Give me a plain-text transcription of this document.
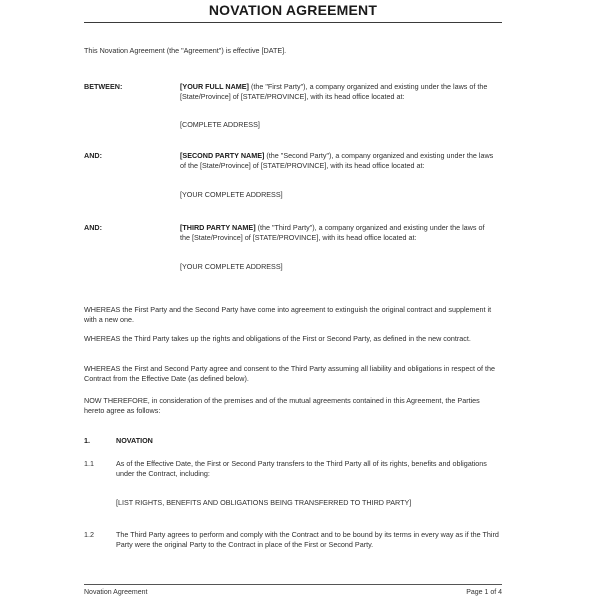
NOVATION AGREEMENT
This Novation Agreement (the "Agreement") is effective [DATE].
BETWEEN:	[YOUR FULL NAME] (the "First Party"), a company organized and existing under the laws of the [State/Province] of [STATE/PROVINCE], with its head office located at:
[COMPLETE ADDRESS]
AND:	[SECOND PARTY NAME] (the "Second Party"), a company organized and existing under the laws of the [State/Province] of [STATE/PROVINCE], with its head office located at:
[YOUR COMPLETE ADDRESS]
AND:	[THIRD PARTY NAME] (the "Third Party"), a company organized and existing under the laws of the [State/Province] of [STATE/PROVINCE], with its head office located at:
[YOUR COMPLETE ADDRESS]
WHEREAS the First Party and the Second Party have come into agreement to extinguish the original contract and supplement it with a new one.
WHEREAS the Third Party takes up the rights and obligations of the First or Second Party, as defined in the new contract.
WHEREAS the First and Second Party agree and consent to the Third Party assuming all liability and obligations in respect of the Contract from the Effective Date (as defined below).
NOW THEREFORE, in consideration of the premises and of the mutual agreements contained in this Agreement, the Parties hereto agree as follows:
1.	NOVATION
1.1	As of the Effective Date, the First or Second Party transfers to the Third Party all of its rights, benefits and obligations under the Contract, including:
[LIST RIGHTS, BENEFITS AND OBLIGATIONS BEING TRANSFERRED TO THIRD PARTY]
1.2	The Third Party agrees to perform and comply with the Contract and to be bound by its terms in every way as if the Third Party were the original Party to the Contract in place of the First or Second Party.
Novation Agreement	Page 1 of 4
